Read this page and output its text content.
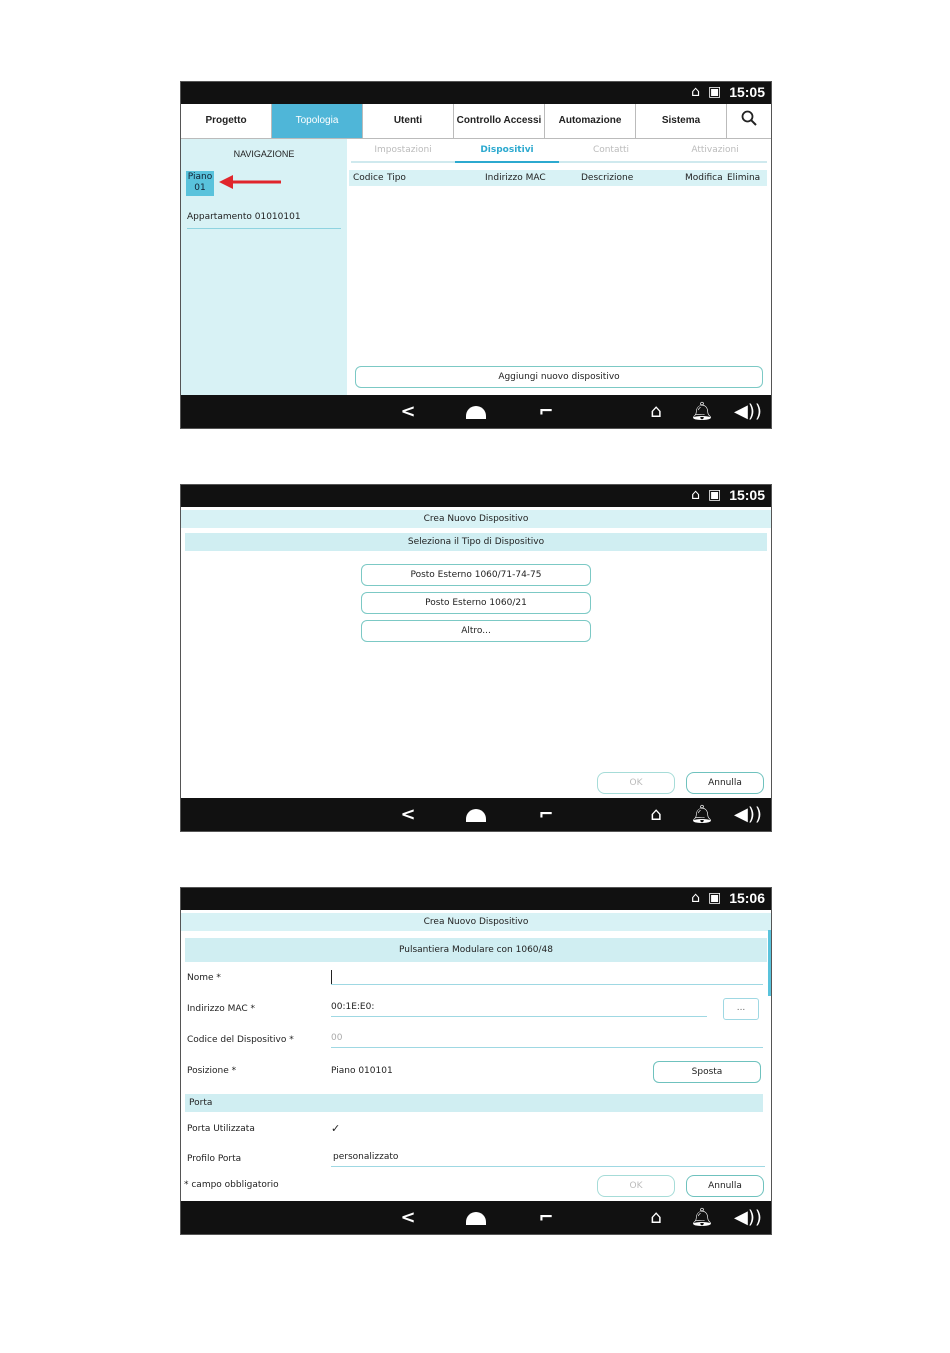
⌂ ▣ 15:05
Progetto	Topologia	Utenti	Controllo Accessi	Automazione	Sistema
NAVIGAZIONE
Piano
01
Appartamento 01010101
Impostazioni	Dispositivi	Contatti	Attivazioni
Codice Tipo	Indirizzo MAC	Descrizione	Modifica Elimina
Aggiungi nuovo dispositivo
<	⌐	⌂	🔔︎ ◀))
⌂ ▣ 15:05
Crea Nuovo Dispositivo
Seleziona il Tipo di Dispositivo
Posto Esterno 1060/71-74-75
Posto Esterno 1060/21
Altro...
OK	Annulla
<	⌐	⌂	🔔︎ ◀))
⌂ ▣ 15:06
Crea Nuovo Dispositivo
Pulsantiera Modulare con 1060/48
Nome *
Indirizzo MAC *	00:1E:E0:	...
Codice del Dispositivo *	00
Posizione *	Piano 010101	Sposta
Porta
Porta Utilizzata	✓
Profilo Porta	personalizzato
* campo obbligatorio	OK	Annulla
<	⌐	⌂	🔔︎ ◀))
